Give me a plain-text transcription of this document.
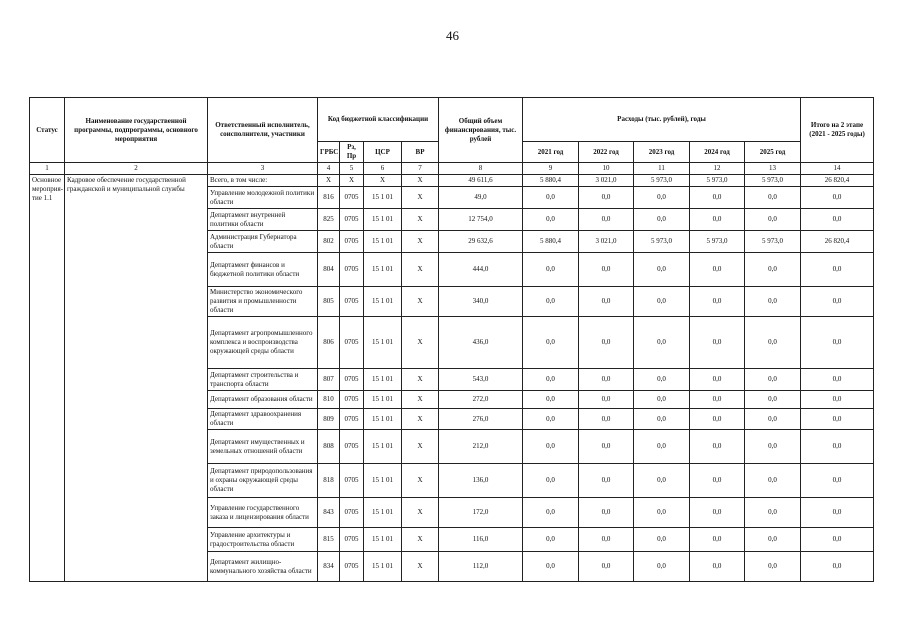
46
Статус	Наименование государственной программы, подпрограммы, основного мероприятия	Ответственный исполнитель, соисполнители, участники	Код бюджетной классификации				Общий объем финансирования, тыс. рублей	Расходы (тыс. рублей), годы					Итого на 2 этапе (2021 - 2025 годы)
			ГРБС	Рз, Пр	ЦСР	ВР		2021 год	2022 год	2023 год	2024 год	2025 год	
1	2	3	4	5	6	7	8	9	10	11	12	13	14
Основное мероприя-тие 1.1	Кадровое обеспечение государственной гражданской и муниципальной службы	Всего, в том числе:	X	X	X	X	49 611,6	5 880,4	3 021,0	5 973,0	5 973,0	5 973,0	26 820,4
		Управление молодежной политики области	816	0705	15 1 01	X	49,0	0,0	0,0	0,0	0,0	0,0	0,0
		Департамент внутренней политики области	825	0705	15 1 01	X	12 754,0	0,0	0,0	0,0	0,0	0,0	0,0
		Администрация Губернатора области	802	0705	15 1 01	X	29 632,6	5 880,4	3 021,0	5 973,0	5 973,0	5 973,0	26 820,4
		Департамент финансов и бюджетной политики области	804	0705	15 1 01	X	444,0	0,0	0,0	0,0	0,0	0,0	0,0
		Министерство экономического развития и промышленности области	805	0705	15 1 01	X	340,0	0,0	0,0	0,0	0,0	0,0	0,0
		Департамент агропромышленного комплекса и воспроизводства окружающей среды области	806	0705	15 1 01	X	436,0	0,0	0,0	0,0	0,0	0,0	0,0
		Департамент строительства и транспорта области	807	0705	15 1 01	X	543,0	0,0	0,0	0,0	0,0	0,0	0,0
		Департамент образования области	810	0705	15 1 01	X	272,0	0,0	0,0	0,0	0,0	0,0	0,0
		Департамент здравоохранения области	809	0705	15 1 01	X	276,0	0,0	0,0	0,0	0,0	0,0	0,0
		Департамент имущественных и земельных отношений области	808	0705	15 1 01	X	212,0	0,0	0,0	0,0	0,0	0,0	0,0
		Департамент природопользования и охраны окружающей среды области	818	0705	15 1 01	X	136,0	0,0	0,0	0,0	0,0	0,0	0,0
		Управление государственного заказа и лицензирования области	843	0705	15 1 01	X	172,0	0,0	0,0	0,0	0,0	0,0	0,0
		Управление архитектуры и градостроительства области	815	0705	15 1 01	X	116,0	0,0	0,0	0,0	0,0	0,0	0,0
		Департамент жилищно-коммунального хозяйства области	834	0705	15 1 01	X	112,0	0,0	0,0	0,0	0,0	0,0	0,0
